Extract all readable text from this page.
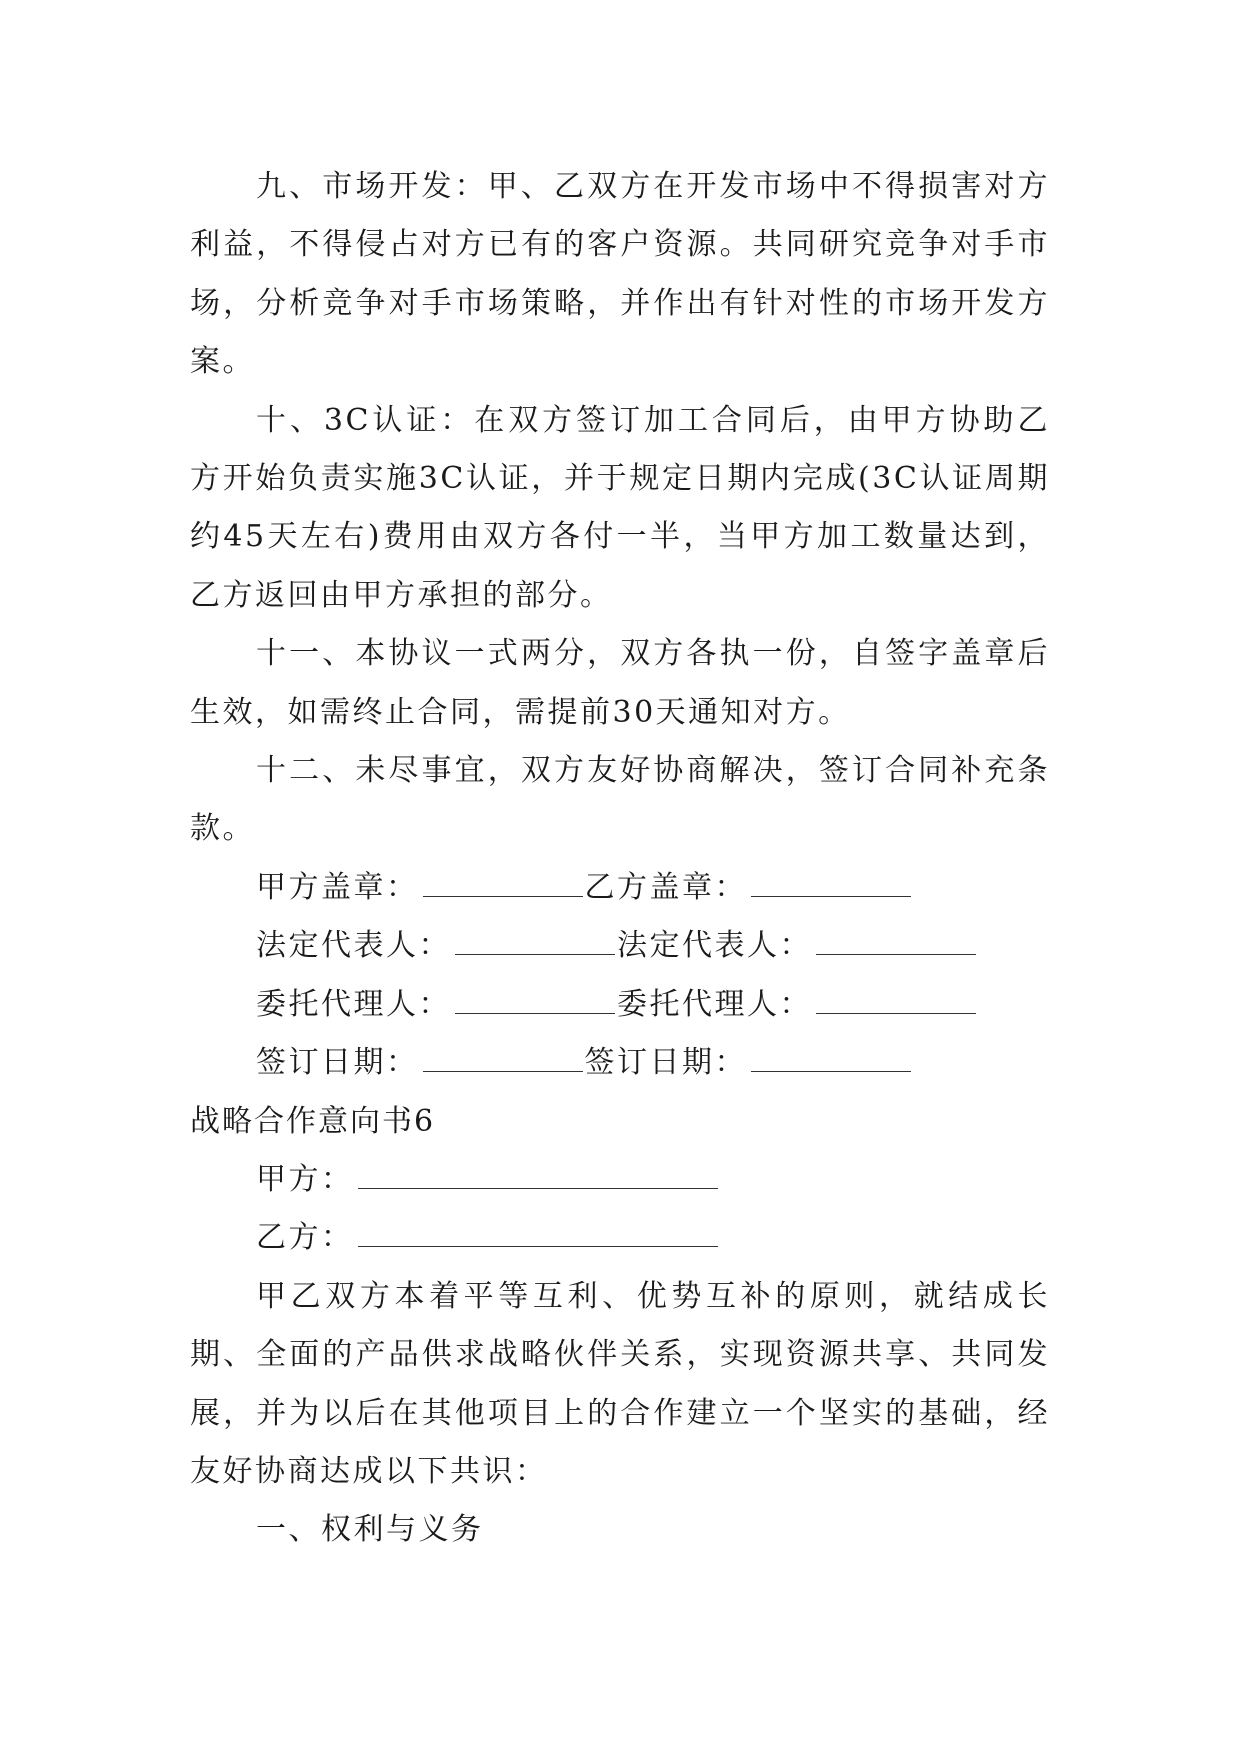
九、市场开发：甲、乙双方在开发市场中不得损害对方利益，不得侵占对方已有的客户资源。共同研究竞争对手市场，分析竞争对手市场策略，并作出有针对性的市场开发方案。

十、3C认证：在双方签订加工合同后，由甲方协助乙方开始负责实施3C认证，并于规定日期内完成(3C认证周期约45天左右)费用由双方各付一半，当甲方加工数量达到，乙方返回由甲方承担的部分。

十一、本协议一式两分，双方各执一份，自签字盖章后生效，如需终止合同，需提前30天通知对方。

十二、未尽事宜，双方友好协商解决，签订合同补充条款。

甲方盖章：	乙方盖章：
法定代表人：	法定代表人：
委托代理人：	委托代理人：
签订日期：	签订日期：
战略合作意向书6
甲方：
乙方：

甲乙双方本着平等互利、优势互补的原则，就结成长期、全面的产品供求战略伙伴关系，实现资源共享、共同发展，并为以后在其他项目上的合作建立一个坚实的基础，经友好协商达成以下共识：

一、权利与义务
